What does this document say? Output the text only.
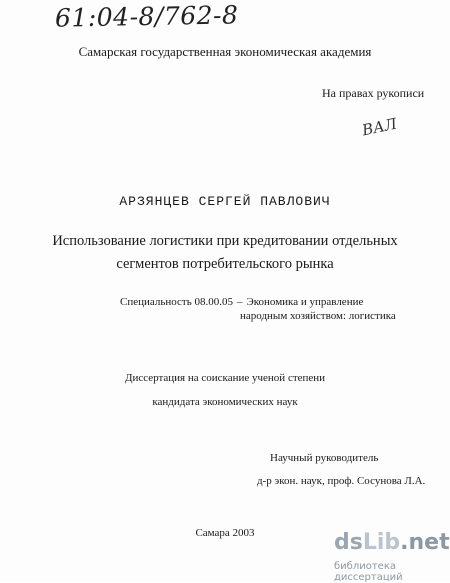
61:04-8/762-8
Самарская государственная экономическая академия
На правах рукописи
ВАЛ
АРЗЯНЦЕВ СЕРГЕЙ ПАВЛОВИЧ
Использование логистики при кредитовании отдельных
сегментов потребительского рынка
Специальность 08.00.05 – Экономика и управление
народным хозяйством: логистика
Диссертация на соискание ученой степени
кандидата экономических наук
Научный руководитель
д-р экон. наук, проф. Сосунова Л.А.
Самара 2003	dsLib.net
библиотека диссертаций
